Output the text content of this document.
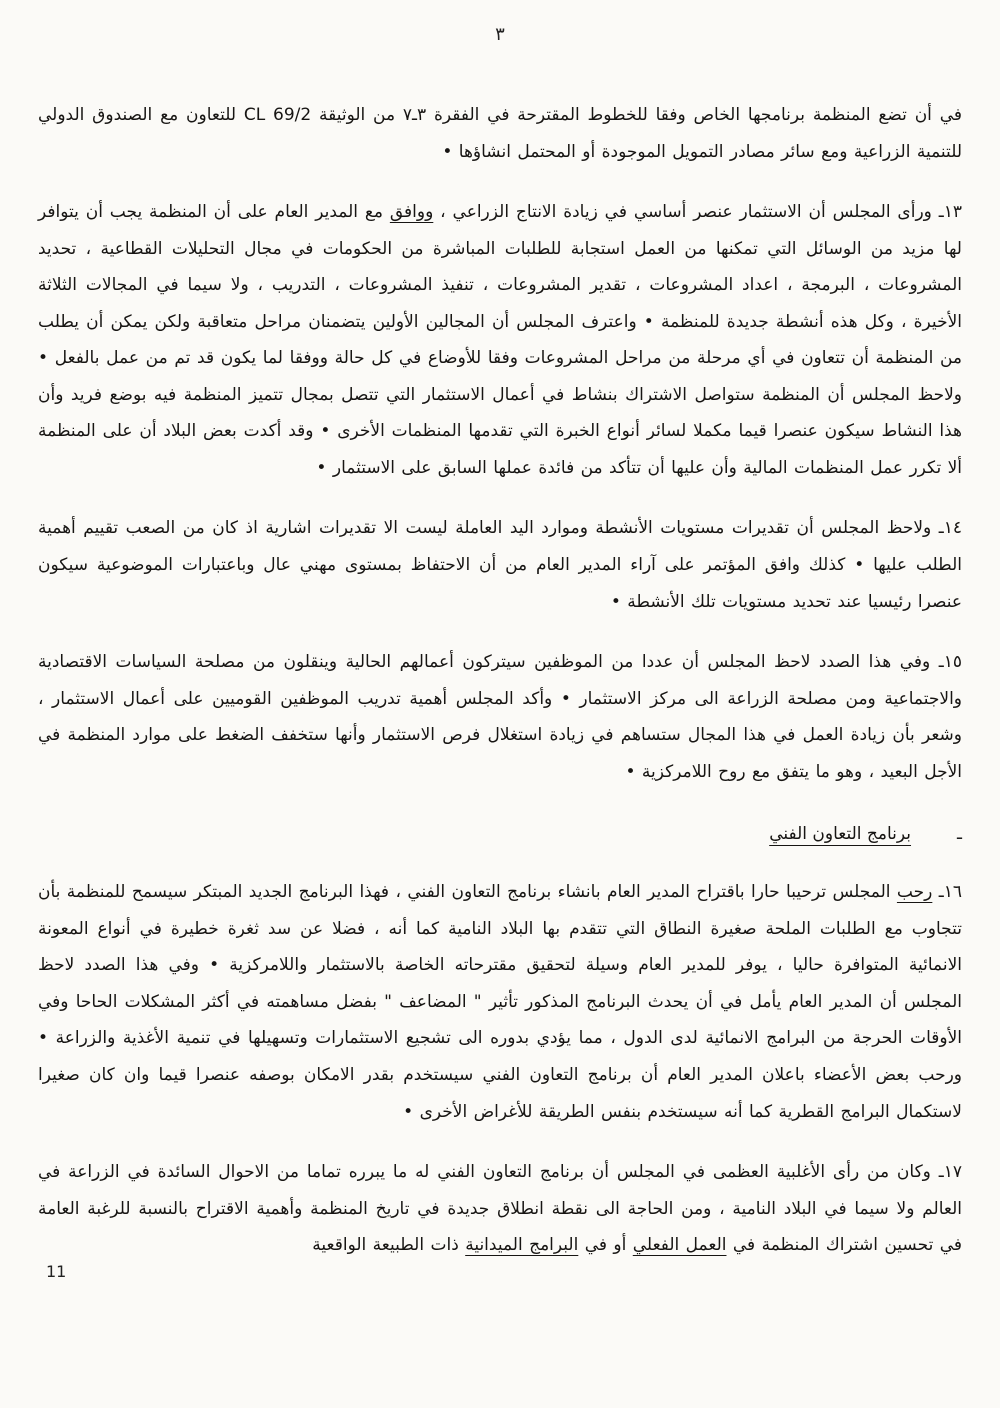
٣

في أن تضع المنظمة برنامجها الخاص وفقا للخطوط المقترحة في الفقرة ٣ـ٧ من الوثيقة CL 69/2 للتعاون مع الصندوق الدولي للتنمية الزراعية ومع سائر مصادر التمويل الموجودة أو المحتمل انشاؤها •

١٣ـ ورأى المجلس أن الاستثمار عنصر أساسي في زيادة الانتاج الزراعي ، ووافق مع المدير العام على أن المنظمة يجب أن يتوافر لها مزيد من الوسائل التي تمكنها من العمل استجابة للطلبات المباشرة من الحكومات في مجال التحليلات القطاعية ، تحديد المشروعات ، البرمجة ، اعداد المشروعات ، تقدير المشروعات ، تنفيذ المشروعات ، التدريب ، ولا سيما في المجالات الثلاثة الأخيرة ، وكل هذه أنشطة جديدة للمنظمة • واعترف المجلس أن المجالين الأولين يتضمنان مراحل متعاقبة ولكن يمكن أن يطلب من المنظمة أن تتعاون في أي مرحلة من مراحل المشروعات وفقا للأوضاع في كل حالة ووفقا لما يكون قد تم من عمل بالفعل • ولاحظ المجلس أن المنظمة ستواصل الاشتراك بنشاط في أعمال الاستثمار التي تتصل بمجال تتميز المنظمة فيه بوضع فريد وأن هذا النشاط سيكون عنصرا قيما مكملا لسائر أنواع الخبرة التي تقدمها المنظمات الأخرى • وقد أكدت بعض البلاد أن على المنظمة ألا تكرر عمل المنظمات المالية وأن عليها أن تتأكد من فائدة عملها السابق على الاستثمار •

١٤ـ ولاحظ المجلس أن تقديرات مستويات الأنشطة وموارد اليد العاملة ليست الا تقديرات اشارية اذ كان من الصعب تقييم أهمية الطلب عليها • كذلك وافق المؤتمر على آراء المدير العام من أن الاحتفاظ بمستوى مهني عال وباعتبارات الموضوعية سيكون عنصرا رئيسيا عند تحديد مستويات تلك الأنشطة •

١٥ـ وفي هذا الصدد لاحظ المجلس أن عددا من الموظفين سيتركون أعمالهم الحالية وينقلون من مصلحة السياسات الاقتصادية والاجتماعية ومن مصلحة الزراعة الى مركز الاستثمار • وأكد المجلس أهمية تدريب الموظفين القوميين على أعمال الاستثمار ، وشعر بأن زيادة العمل في هذا المجال ستساهم في زيادة استغلال فرص الاستثمار وأنها ستخفف الضغط على موارد المنظمة في الأجل البعيد ، وهو ما يتفق مع روح اللامركزية •

ـ
برنامج التعاون الفني

١٦ـ رحب المجلس ترحيبا حارا باقتراح المدير العام بانشاء برنامج التعاون الفني ، فهذا البرنامج الجديد المبتكر سيسمح للمنظمة بأن تتجاوب مع الطلبات الملحة صغيرة النطاق التي تتقدم بها البلاد النامية كما أنه ، فضلا عن سد ثغرة خطيرة في أنواع المعونة الانمائية المتوافرة حاليا ، يوفر للمدير العام وسيلة لتحقيق مقترحاته الخاصة بالاستثمار واللامركزية • وفي هذا الصدد لاحظ المجلس أن المدير العام يأمل في أن يحدث البرنامج المذكور تأثير " المضاعف " بفضل مساهمته في أكثر المشكلات الحاحا وفي الأوقات الحرجة من البرامج الانمائية لدى الدول ، مما يؤدي بدوره الى تشجيع الاستثمارات وتسهيلها في تنمية الأغذية والزراعة • ورحب بعض الأعضاء باعلان المدير العام أن برنامج التعاون الفني سيستخدم بقدر الامكان بوصفه عنصرا قيما وان كان صغيرا لاستكمال البرامج القطرية كما أنه سيستخدم بنفس الطريقة للأغراض الأخرى •

١٧ـ وكان من رأى الأغلبية العظمى في المجلس أن برنامج التعاون الفني له ما يبرره تماما من الاحوال السائدة في الزراعة في العالم ولا سيما في البلاد النامية ، ومن الحاجة الى نقطة انطلاق جديدة في تاريخ المنظمة وأهمية الاقتراح بالنسبة للرغبة العامة في تحسين اشتراك المنظمة في العمل الفعلي أو في البرامج الميدانية ذات الطبيعة الواقعية

11
